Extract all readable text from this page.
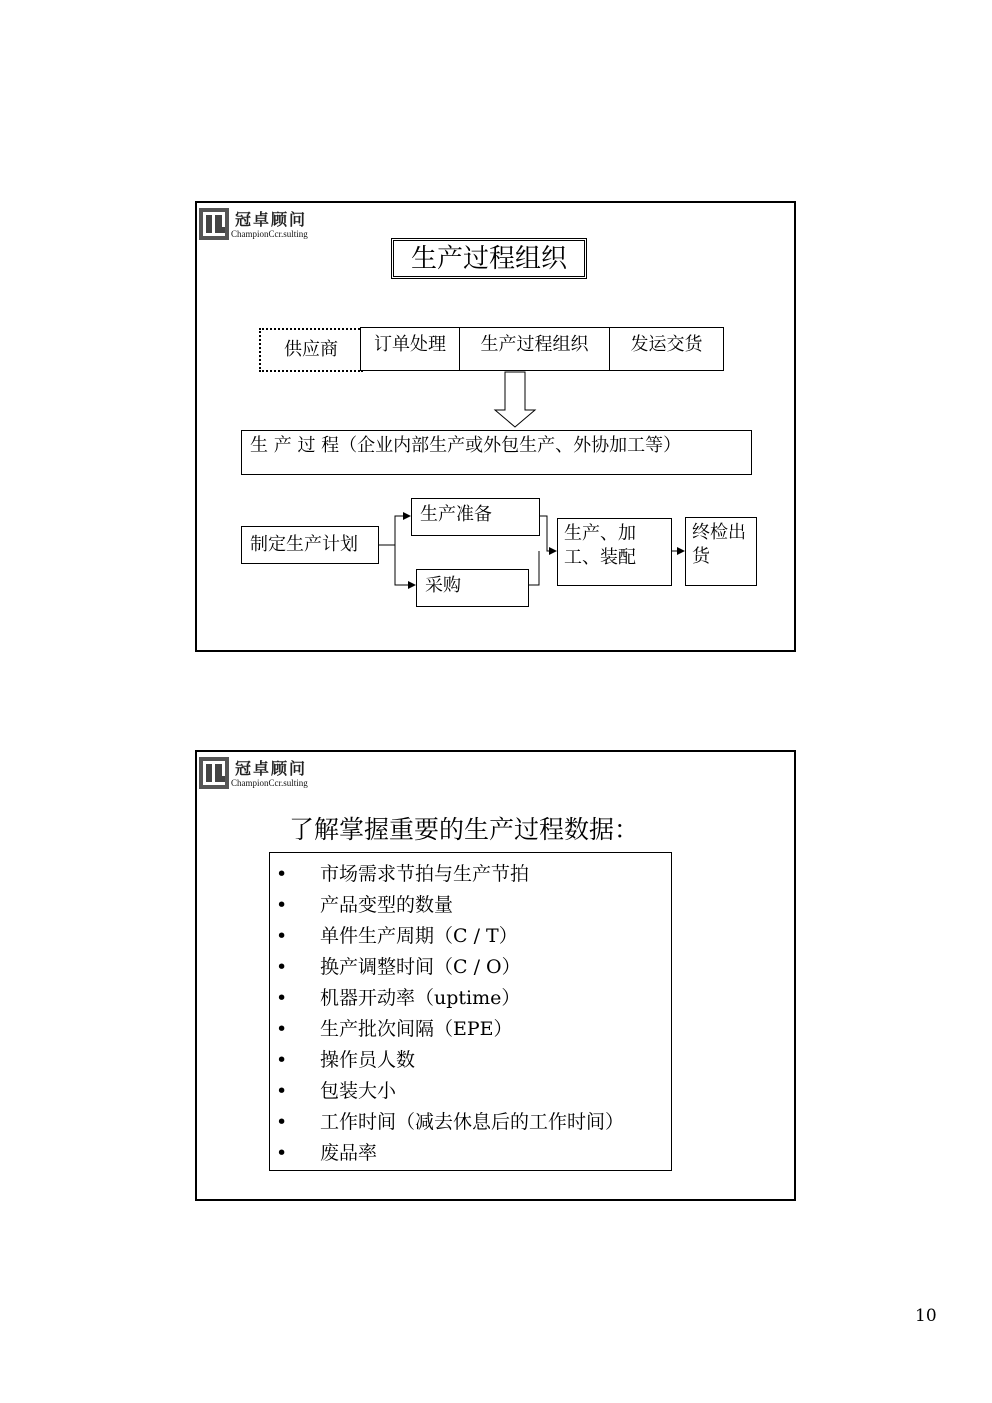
冠卓顾问
ChampionCcr.sulting
生产过程组织
供应商	订单处理	生产过程组织	发运交货
生 产 过 程（企业内部生产或外包生产、外协加工等）
制定生产计划
生产准备
采购
生产、加工、装配
终检出货
冠卓顾问
ChampionCcr.sulting
了解掌握重要的生产过程数据：
• 市场需求节拍与生产节拍
• 产品变型的数量
• 单件生产周期（C / T）
• 换产调整时间（C / O）
• 机器开动率（uptime）
• 生产批次间隔（EPE）
• 操作员人数
• 包装大小
• 工作时间（减去休息后的工作时间）
• 废品率
10
